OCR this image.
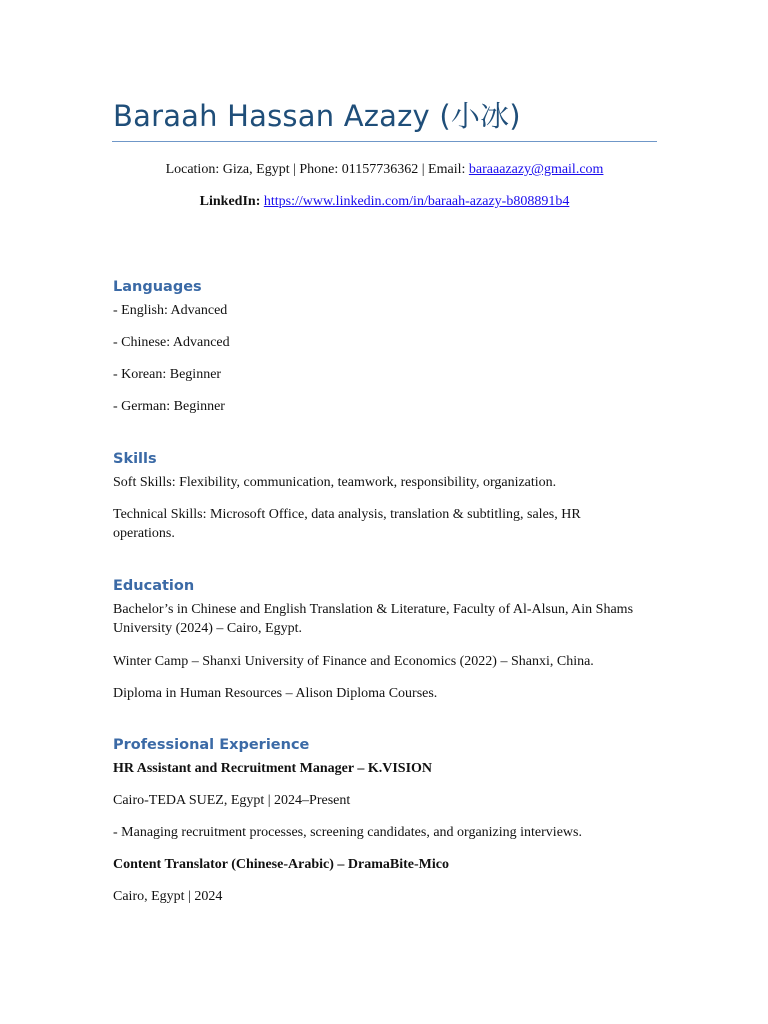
Baraah Hassan Azazy (小冰)
Location: Giza, Egypt | Phone: 01157736362 | Email: baraaazazy@gmail.com
LinkedIn: https://www.linkedin.com/in/baraah-azazy-b808891b4
Languages

- English: Advanced

- Chinese: Advanced

- Korean: Beginner

- German: Beginner

Skills

Soft Skills: Flexibility, communication, teamwork, responsibility, organization.

Technical Skills: Microsoft Office, data analysis, translation & subtitling, sales, HR operations.

Education

Bachelor’s in Chinese and English Translation & Literature, Faculty of Al-Alsun, Ain Shams University (2024) – Cairo, Egypt.

Winter Camp – Shanxi University of Finance and Economics (2022) – Shanxi, China.

Diploma in Human Resources – Alison Diploma Courses.

Professional Experience

HR Assistant and Recruitment Manager – K.VISION

Cairo-TEDA SUEZ, Egypt | 2024–Present

- Managing recruitment processes, screening candidates, and organizing interviews.

Content Translator (Chinese-Arabic) – DramaBite-Mico

Cairo, Egypt | 2024
